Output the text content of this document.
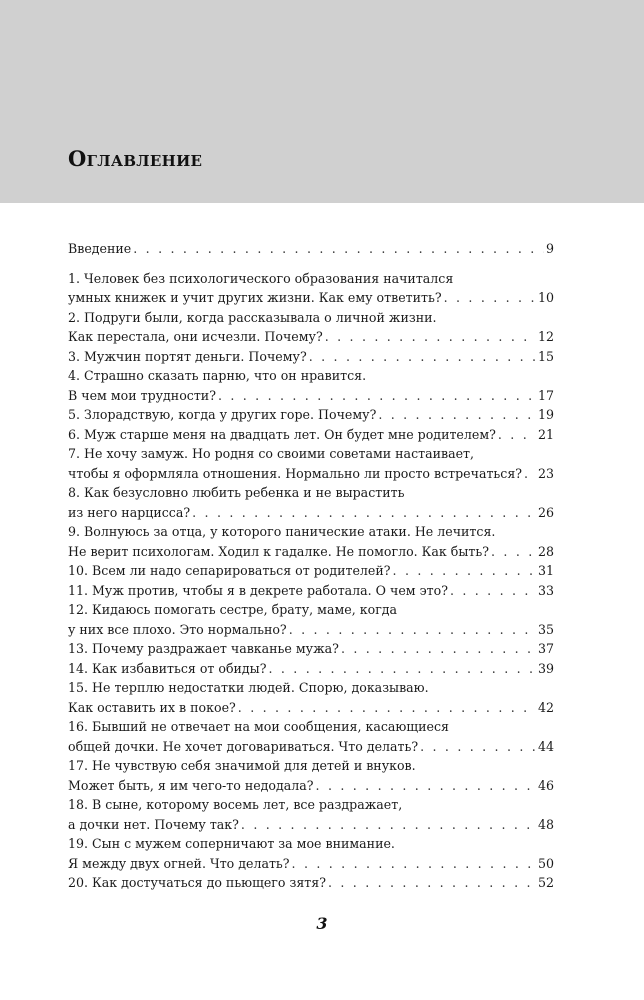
Оглавление
Введение . . .	9
1. Человек без психологического образования начитался
умных книжек и учит других жизни. Как ему ответить? . . .	10
2. Подруги были, когда рассказывала о личной жизни.
Как перестала, они исчезли. Почему? . . .	12
3. Мужчин портят деньги. Почему? . . .	15
4. Страшно сказать парню, что он нравится.
В чем мои трудности? . . .	17
5. Злорадствую, когда у других горе. Почему? . . .	19
6. Муж старше меня на двадцать лет. Он будет мне родителем? . . .	21
7. Не хочу замуж. Но родня со своими советами настаивает,
чтобы я оформляла отношения. Нормально ли просто встречаться? . . . 23
8. Как безусловно любить ребенка и не вырастить
из него нарцисса? . . .	26
9. Волнуюсь за отца, у которого панические атаки. Не лечится.
Не верит психологам. Ходил к гадалке. Не помогло. Как быть? . . .	28
10. Всем ли надо сепарироваться от родителей? . . .	31
11. Муж против, чтобы я в декрете работала. О чем это? . . .	33
12. Кидаюсь помогать сестре, брату, маме, когда
у них все плохо. Это нормально? . . .	35
13. Почему раздражает чавканье мужа? . . .	37
14. Как избавиться от обиды? . . .	39
15. Не терплю недостатки людей. Спорю, доказываю.
Как оставить их в покое? . . .	42
16. Бывший не отвечает на мои сообщения, касающиеся
общей дочки. Не хочет договариваться. Что делать? . . .	44
17. Не чувствую себя значимой для детей и внуков.
Может быть, я им чего-то недодала? . . .	46
18. В сыне, которому восемь лет, все раздражает,
а дочки нет. Почему так? . . .	48
19. Сын с мужем соперничают за мое внимание.
Я между двух огней. Что делать? . . .	50
20. Как достучаться до пьющего зятя? . . .	52
3
